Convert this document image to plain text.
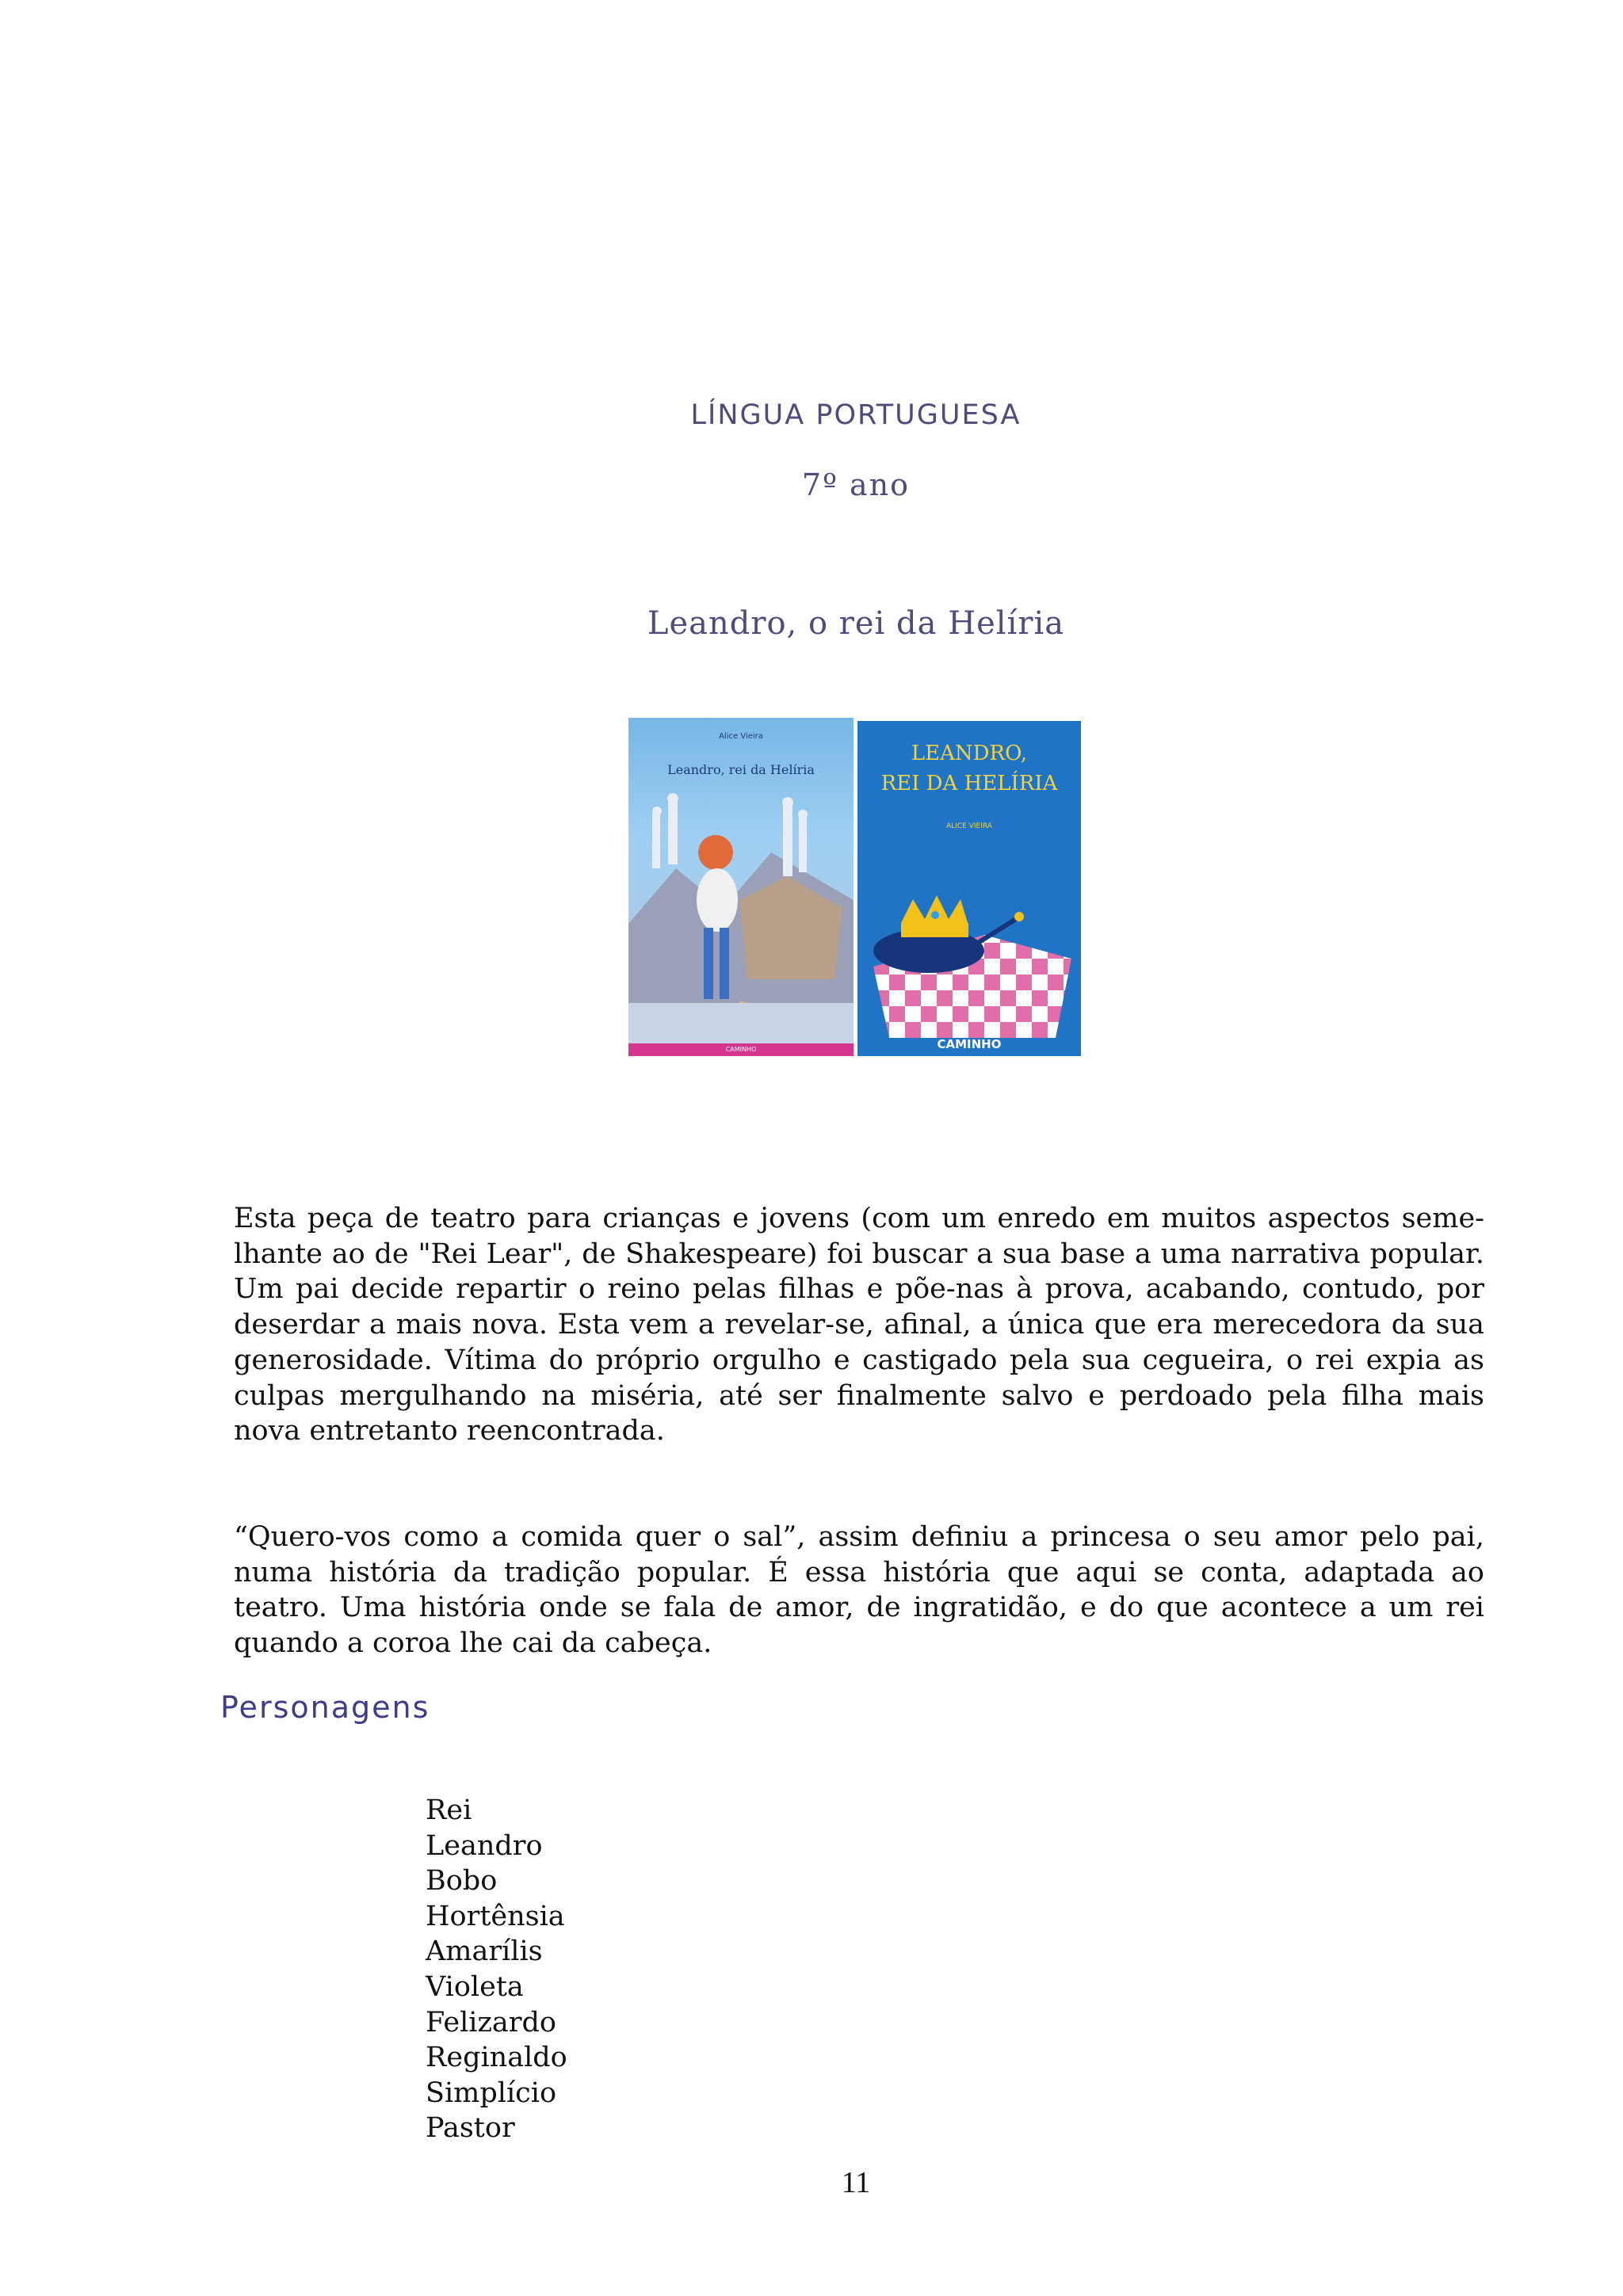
LÍNGUA PORTUGUESA
7º ano
Leandro, o rei da Helíria
Alice Vieira
Leandro, rei da Helíria
CAMINHO
LEANDRO,
REI DA HELÍRIA
ALICE VIEIRA
CAMINHO

Esta peça de teatro para crianças e jovens (com um enredo em muitos aspectos seme- lhante ao de "Rei Lear", de Shakespeare) foi buscar a sua base a uma narrativa popular. Um pai decide repartir o reino pelas filhas e põe-nas à prova, acabando, contudo, por deserdar a mais nova. Esta vem a revelar-se, afinal, a única que era merecedora da sua generosidade. Vítima do próprio orgulho e castigado pela sua cegueira, o rei expia as culpas mergulhando na miséria, até ser finalmente salvo e perdoado pela filha mais nova entretanto reencontrada.

“Quero-vos como a comida quer o sal”, assim definiu a princesa o seu amor pelo pai, numa história da tradição popular. É essa história que aqui se conta, adaptada ao teatro. Uma história onde se fala de amor, de ingratidão, e do que acontece a um rei quando a coroa lhe cai da cabeça.

Personagens
Rei
Leandro
Bobo
Hortênsia
Amarílis
Violeta
Felizardo
Reginaldo
Simplício
Pastor
11
